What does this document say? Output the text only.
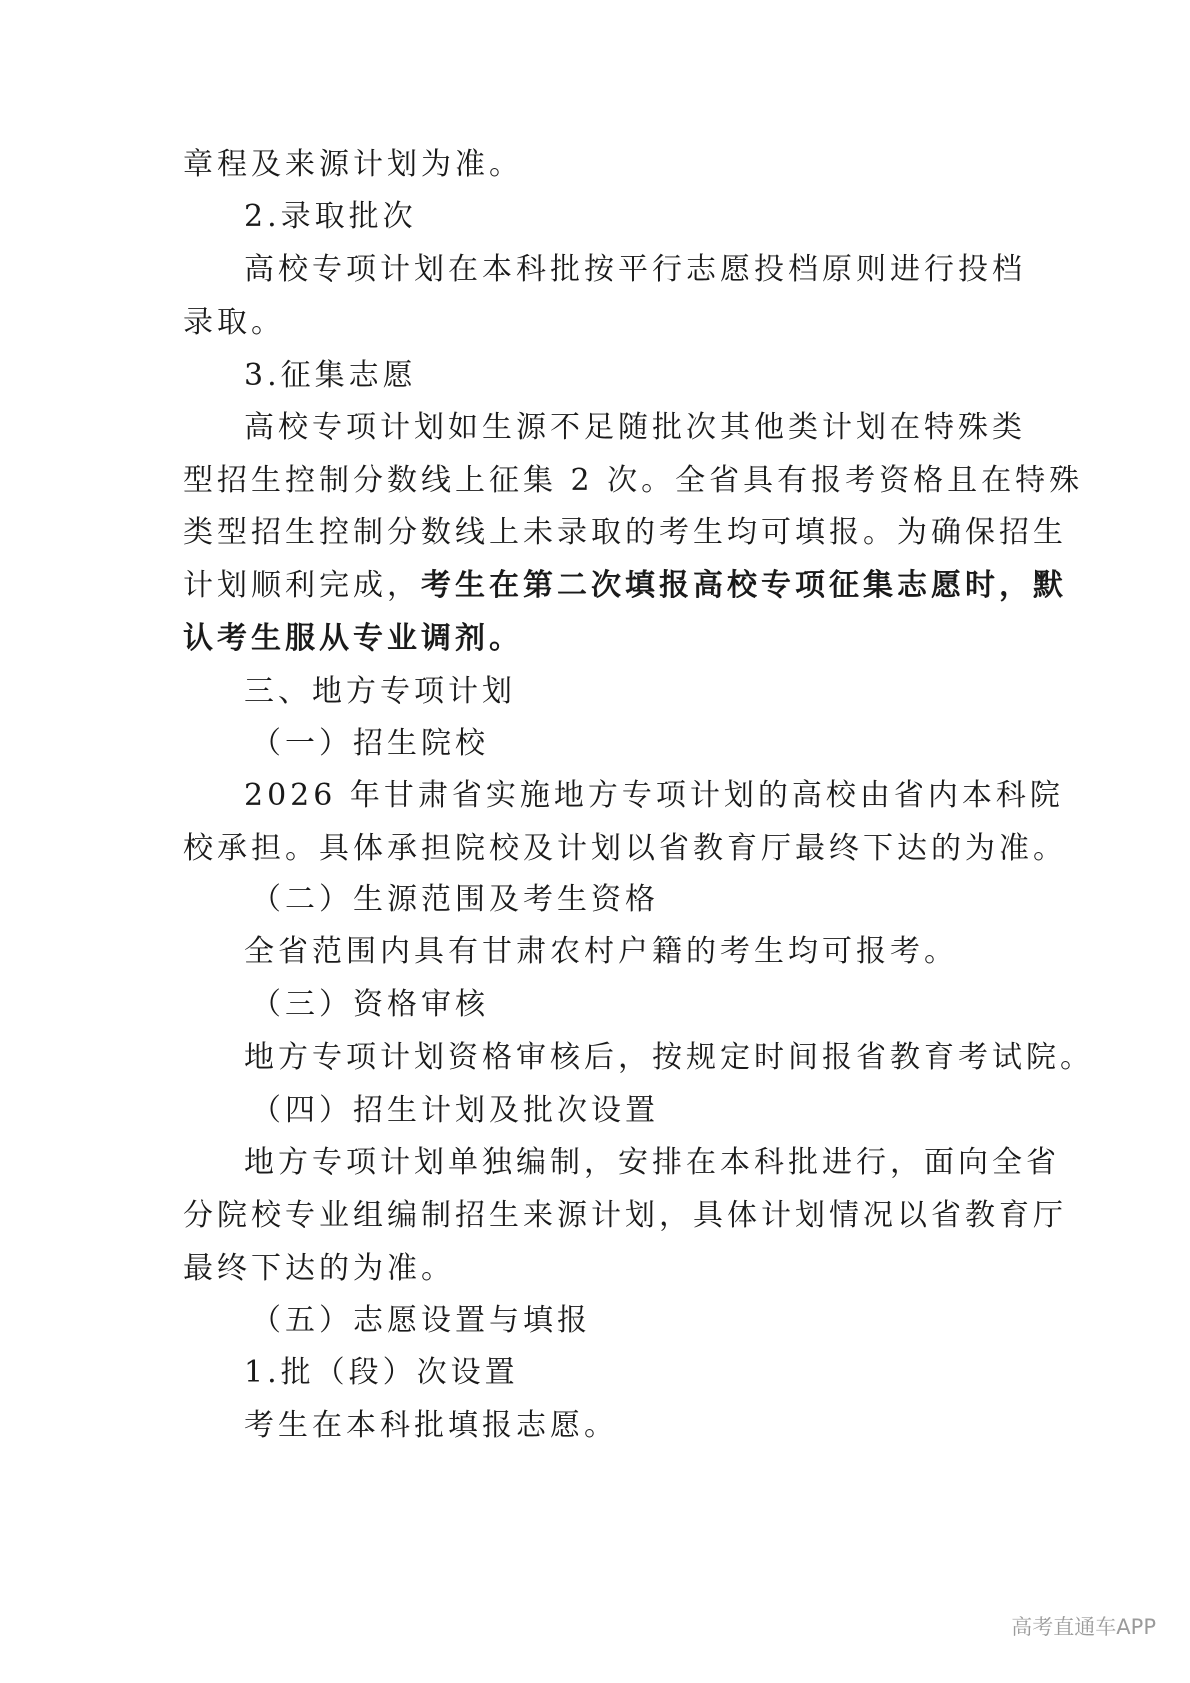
章程及来源计划为准。
2.录取批次
高校专项计划在本科批按平行志愿投档原则进行投档
录取。
3.征集志愿
高校专项计划如生源不足随批次其他类计划在特殊类
型招生控制分数线上征集 2 次。全省具有报考资格且在特殊
类型招生控制分数线上未录取的考生均可填报。为确保招生
计划顺利完成，考生在第二次填报高校专项征集志愿时，默
认考生服从专业调剂。
三、地方专项计划
（一）招生院校
2026 年甘肃省实施地方专项计划的高校由省内本科院
校承担。具体承担院校及计划以省教育厅最终下达的为准。
（二）生源范围及考生资格
全省范围内具有甘肃农村户籍的考生均可报考。
（三）资格审核
地方专项计划资格审核后，按规定时间报省教育考试院。
（四）招生计划及批次设置
地方专项计划单独编制，安排在本科批进行，面向全省
分院校专业组编制招生来源计划，具体计划情况以省教育厅
最终下达的为准。
（五）志愿设置与填报
1.批（段）次设置
考生在本科批填报志愿。
高考直通车APP
